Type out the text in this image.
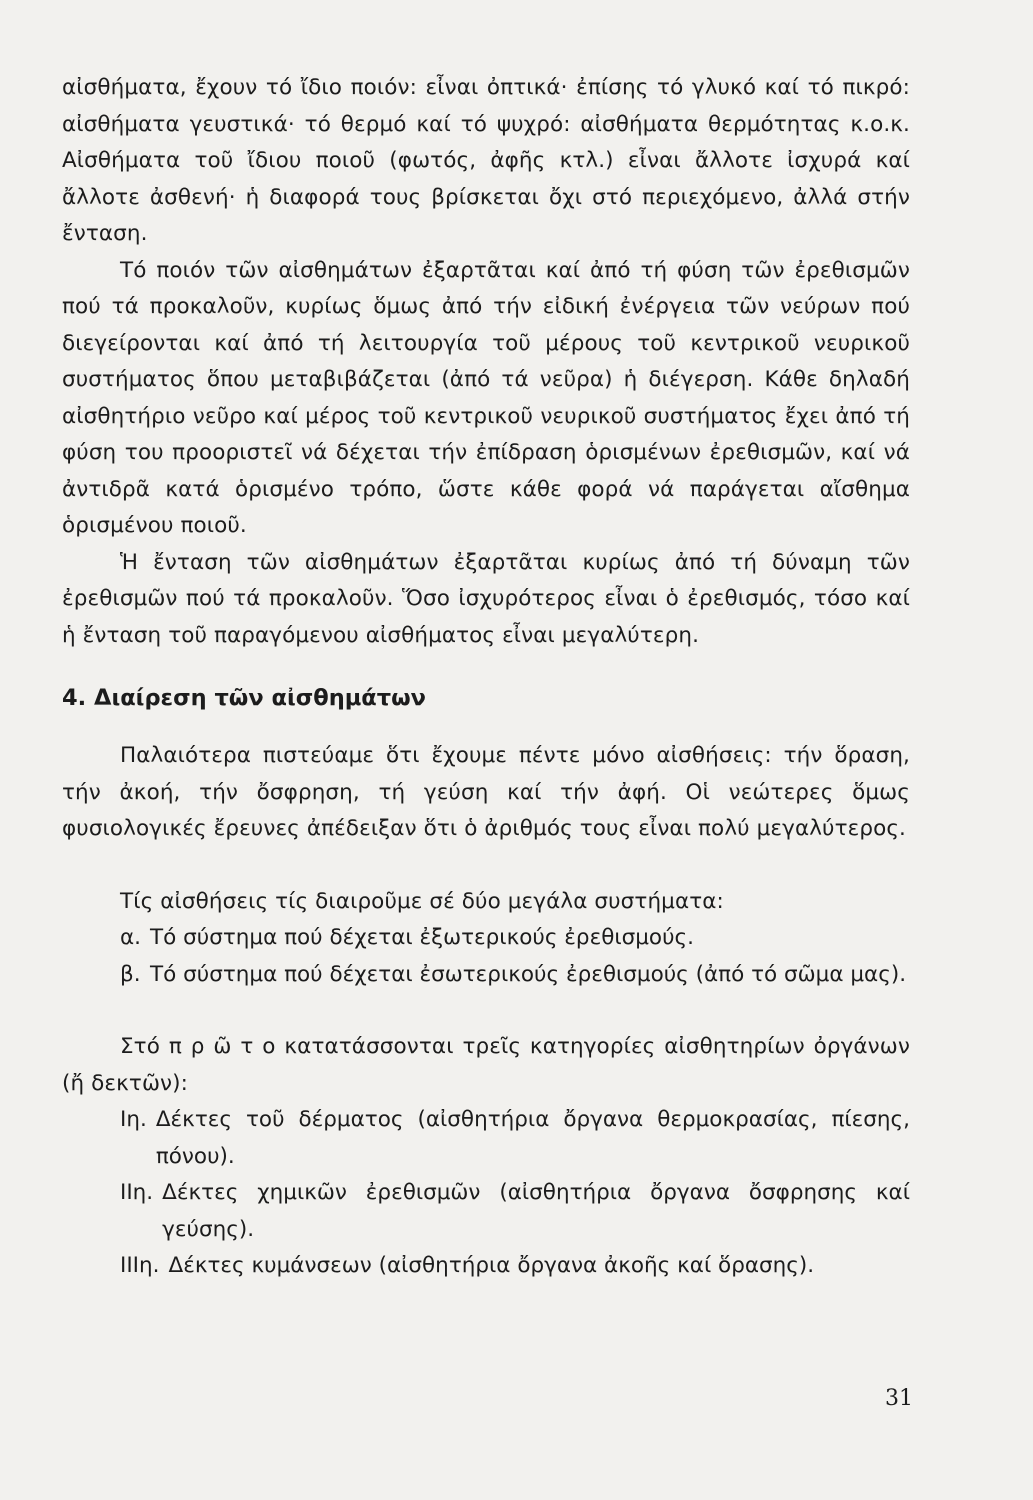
αἰσθήματα, ἔχουν τό ἴδιο ποιόν: εἶναι ὀπτικά· ἐπίσης τό γλυκό καί τό πικρό: αἰσθήματα γευστικά· τό θερμό καί τό ψυχρό: αἰσθήματα θερμότητας κ.ο.κ. Αἰσθήματα τοῦ ἴδιου ποιοῦ (φωτός, ἀφῆς κτλ.) εἶναι ἄλλοτε ἰσχυρά καί ἄλλοτε ἀσθενή· ἡ διαφορά τους βρίσκεται ὄχι στό περιεχόμενο, ἀλλά στήν ἔνταση.

Τό ποιόν τῶν αἰσθημάτων ἐξαρτᾶται καί ἀπό τή φύση τῶν ἐρεθισμῶν πού τά προκαλοῦν, κυρίως ὅμως ἀπό τήν εἰδική ἐνέργεια τῶν νεύρων πού διεγείρονται καί ἀπό τή λειτουργία τοῦ μέρους τοῦ κεντρικοῦ νευρικοῦ συστήματος ὅπου μεταβιβάζεται (ἀπό τά νεῦρα) ἡ διέγερση. Κάθε δηλαδή αἰσθητήριο νεῦρο καί μέρος τοῦ κεντρικοῦ νευρικοῦ συστήματος ἔχει ἀπό τή φύση του προοριστεῖ νά δέχεται τήν ἐπίδραση ὁρισμένων ἐρεθισμῶν, καί νά ἀντιδρᾶ κατά ὁρισμένο τρόπο, ὥστε κάθε φορά νά παράγεται αἴσθημα ὁρισμένου ποιοῦ.

Ἡ ἔνταση τῶν αἰσθημάτων ἐξαρτᾶται κυρίως ἀπό τή δύναμη τῶν ἐρεθισμῶν πού τά προκαλοῦν. Ὅσο ἰσχυρότερος εἶναι ὁ ἐρεθισμός, τόσο καί ἡ ἔνταση τοῦ παραγόμενου αἰσθήματος εἶναι μεγαλύτερη.

4. Διαίρεση τῶν αἰσθημάτων

Παλαιότερα πιστεύαμε ὅτι ἔχουμε πέντε μόνο αἰσθήσεις: τήν ὅραση, τήν ἀκοή, τήν ὄσφρηση, τή γεύση καί τήν ἀφή. Οἱ νεώτερες ὅμως φυσιολογικές ἔρευνες ἀπέδειξαν ὅτι ὁ ἀριθμός τους εἶναι πολύ μεγαλύτερος.

Τίς αἰσθήσεις τίς διαιροῦμε σέ δύο μεγάλα συστήματα:

α. Τό σύστημα πού δέχεται ἐξωτερικούς ἐρεθισμούς.
β. Τό σύστημα πού δέχεται ἐσωτερικούς ἐρεθισμούς (ἀπό τό σῶμα μας).

Στό π ρ ῶ τ ο κατατάσσονται τρεῖς κατηγορίες αἰσθητηρίων ὀργάνων (ἤ δεκτῶν):

Iη. Δέκτες τοῦ δέρματος (αἰσθητήρια ὄργανα θερμοκρασίας, πίεσης, πόνου).
IIη. Δέκτες χημικῶν ἐρεθισμῶν (αἰσθητήρια ὄργανα ὄσφρησης καί γεύσης).
IIIη. Δέκτες κυμάνσεων (αἰσθητήρια ὄργανα ἀκοῆς καί ὅρασης).
31
